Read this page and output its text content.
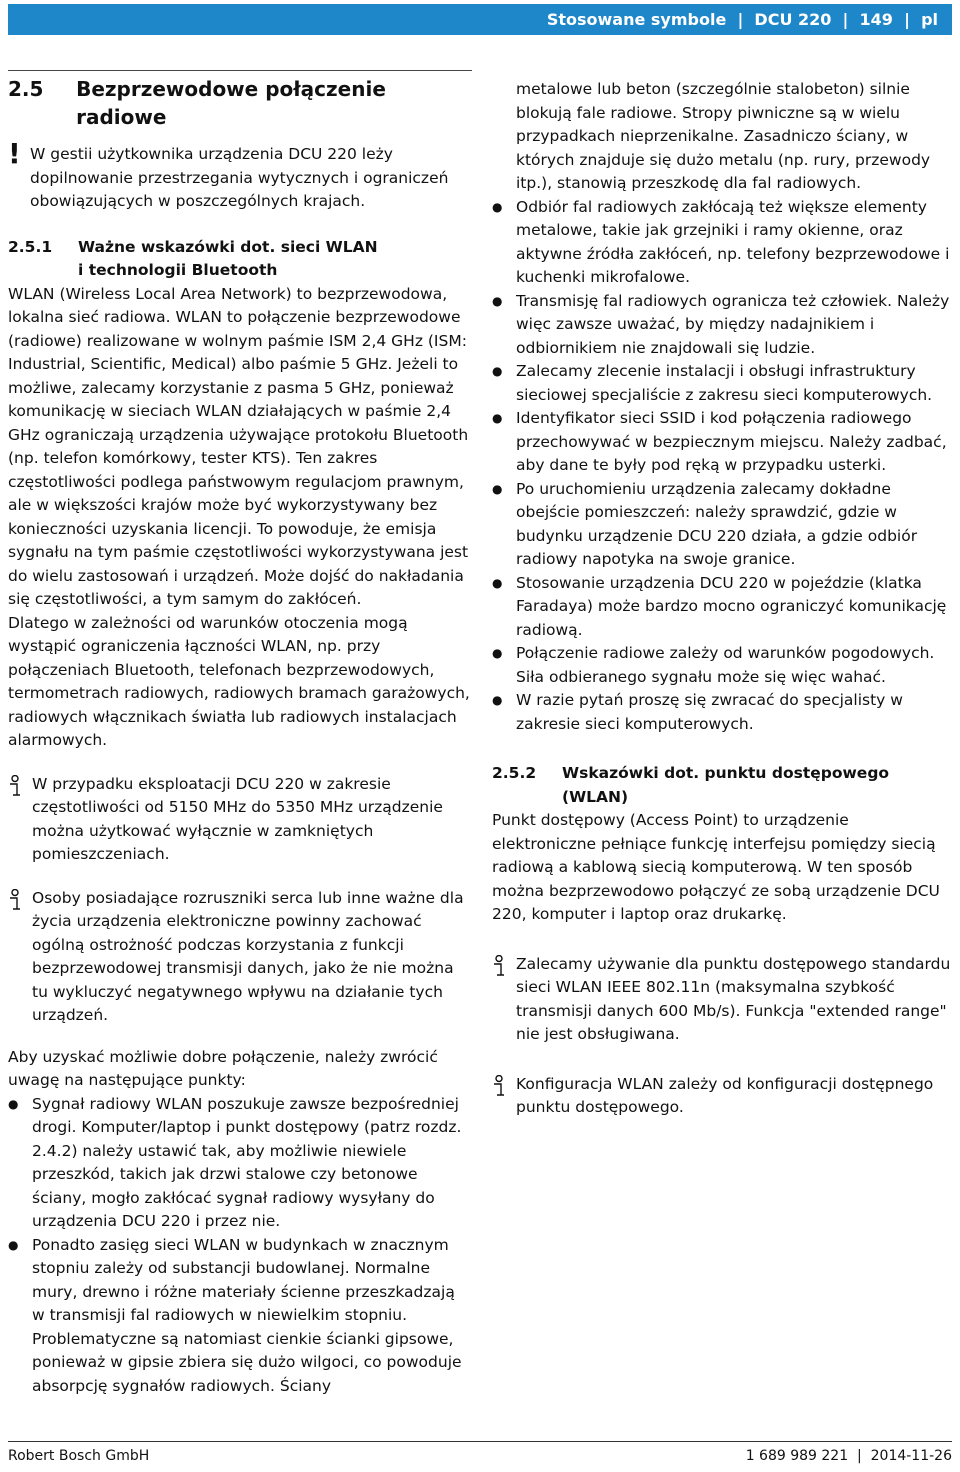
Stosowane symbole  |  DCU 220  |  149  |  pl
2.5	Bezprzewodowe połączenie radiowe
! W gestii użytkownika urządzenia DCU 220 leży dopilnowanie przestrzegania wytycznych i ograniczeń obowiązujących w poszczególnych krajach.

2.5.1	Ważne wskazówki dot. sieci WLAN
i technologii Bluetooth

WLAN (Wireless Local Area Network) to bezprzewodowa, lokalna sieć radiowa. WLAN to połączenie bezprzewodowe (radiowe) realizowane w wolnym paśmie ISM 2,4 GHz (ISM: Industrial, Scientific, Medical) albo paśmie 5 GHz. Jeżeli to możliwe, zalecamy korzystanie z pasma 5 GHz, ponieważ komunikację w sieciach WLAN działających w paśmie 2,4 GHz ograniczają urządzenia używające protokołu Bluetooth (np. telefon komórkowy, tester KTS). Ten zakres częstotliwości podlega państwowym regulacjom prawnym, ale w większości krajów może być wykorzystywany bez konieczności uzyskania licencji. To powoduje, że emisja sygnału na tym paśmie częstotliwości wykorzystywana jest do wielu zastosowań i urządzeń. Może dojść do nakładania się częstotliwości, a tym samym do zakłóceń.

Dlatego w zależności od warunków otoczenia mogą wystąpić ograniczenia łączności WLAN, np. przy połączeniach Bluetooth, telefonach bezprzewodowych, termometrach radiowych, radiowych bramach garażowych, radiowych włącznikach światła lub radiowych instalacjach alarmowych.

W przypadku eksploatacji DCU 220 w zakresie częstotliwości od 5150 MHz do 5350 MHz urządzenie można użytkować wyłącznie w zamkniętych pomieszczeniach.

Osoby posiadające rozruszniki serca lub inne ważne dla życia urządzenia elektroniczne powinny zachować ogólną ostrożność podczas korzystania z funkcji bezprzewodowej transmisji danych, jako że nie można tu wykluczyć negatywnego wpływu na działanie tych urządzeń.

Aby uzyskać możliwie dobre połączenie, należy zwrócić uwagę na następujące punkty:

● Sygnał radiowy WLAN poszukuje zawsze bezpośredniej drogi. Komputer/laptop i punkt dostępowy (patrz rozdz. 2.4.2) należy ustawić tak, aby możliwie niewiele przeszkód, takich jak drzwi stalowe czy betonowe ściany, mogło zakłócać sygnał radiowy wysyłany do urządzenia DCU 220 i przez nie.
● Ponadto zasięg sieci WLAN w budynkach w znacznym stopniu zależy od substancji budowlanej. Normalne mury, drewno i różne materiały ścienne przeszkadzają w transmisji fal radiowych w niewielkim stopniu. Problematyczne są natomiast cienkie ścianki gipsowe, ponieważ w gipsie zbiera się dużo wilgoci, co powoduje absorpcję sygnałów radiowych. Ściany
metalowe lub beton (szczególnie stalobeton) silnie blokują fale radiowe. Stropy piwniczne są w wielu przypadkach nieprzenikalne. Zasadniczo ściany, w których znajduje się dużo metalu (np. rury, przewody itp.), stanowią przeszkodę dla fal radiowych.
● Odbiór fal radiowych zakłócają też większe elementy metalowe, takie jak grzejniki i ramy okienne, oraz aktywne źródła zakłóceń, np. telefony bezprzewodowe i kuchenki mikrofalowe.
● Transmisję fal radiowych ogranicza też człowiek. Należy więc zawsze uważać, by między nadajnikiem i odbiornikiem nie znajdowali się ludzie.
● Zalecamy zlecenie instalacji i obsługi infrastruktury sieciowej specjaliście z zakresu sieci komputerowych.
● Identyfikator sieci SSID i kod połączenia radiowego przechowywać w bezpiecznym miejscu. Należy zadbać, aby dane te były pod ręką w przypadku usterki.
● Po uruchomieniu urządzenia zalecamy dokładne obejście pomieszczeń: należy sprawdzić, gdzie w budynku urządzenie DCU 220 działa, a gdzie odbiór radiowy napotyka na swoje granice.
● Stosowanie urządzenia DCU 220 w pojeździe (klatka Faradaya) może bardzo mocno ograniczyć komunikację radiową.
● Połączenie radiowe zależy od warunków pogodowych. Siła odbieranego sygnału może się więc wahać.
● W razie pytań proszę się zwracać do specjalisty w zakresie sieci komputerowych.
2.5.2	Wskazówki dot. punktu dostępowego (WLAN)

Punkt dostępowy (Access Point) to urządzenie elektroniczne pełniące funkcję interfejsu pomiędzy siecią radiową a kablową siecią komputerową. W ten sposób można bezprzewodowo połączyć ze sobą urządzenie DCU 220, komputer i laptop oraz drukarkę.

Zalecamy używanie dla punktu dostępowego standardu sieci WLAN IEEE 802.11n (maksymalna szybkość transmisji danych 600 Mb/s). Funkcja "extended range" nie jest obsługiwana.

Konfiguracja WLAN zależy od konfiguracji dostępnego punktu dostępowego.

Robert Bosch GmbH	1 689 989 221  |  2014-11-26
